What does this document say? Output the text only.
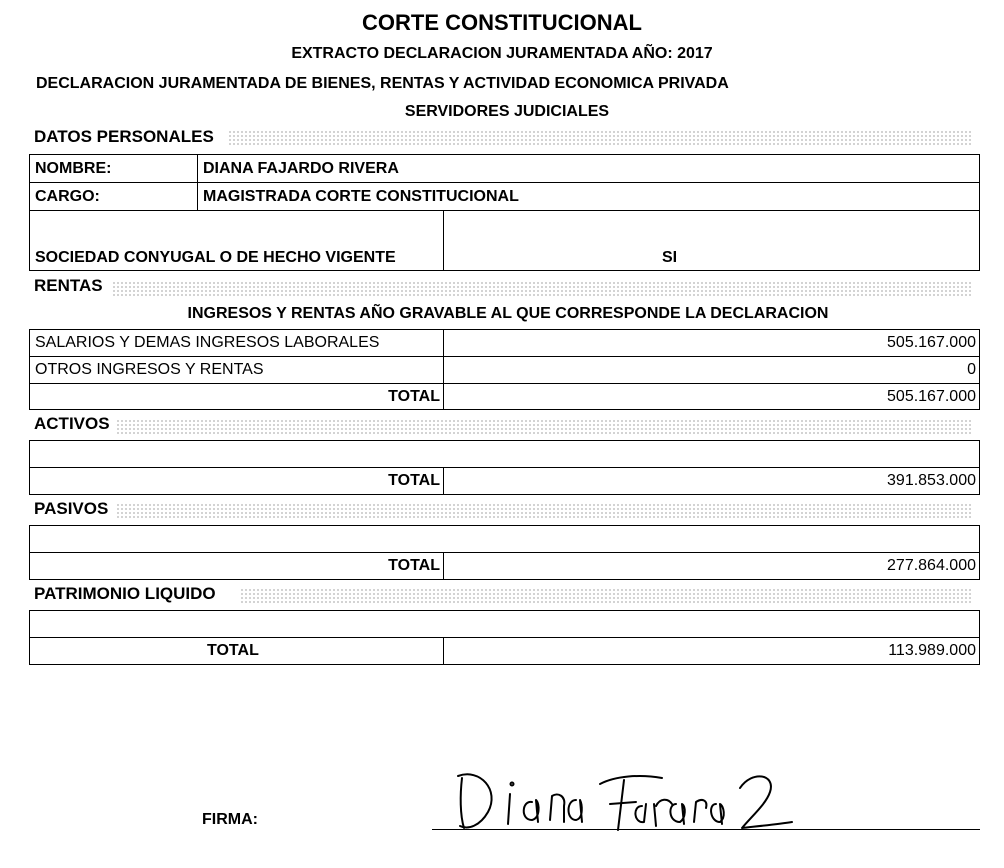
CORTE CONSTITUCIONAL
EXTRACTO DECLARACION JURAMENTADA AÑO: 2017
DECLARACION JURAMENTADA DE BIENES, RENTAS Y ACTIVIDAD ECONOMICA PRIVADA
SERVIDORES JUDICIALES
DATOS PERSONALES
NOMBRE:	DIANA FAJARDO RIVERA
CARGO:	MAGISTRADA CORTE CONSTITUCIONAL
SOCIEDAD CONYUGAL O DE HECHO VIGENTE	SI
RENTAS
INGRESOS Y RENTAS AÑO GRAVABLE AL QUE CORRESPONDE LA DECLARACION
SALARIOS Y DEMAS INGRESOS LABORALES	505.167.000
OTROS INGRESOS Y RENTAS	0
TOTAL	505.167.000
ACTIVOS
TOTAL	391.853.000
PASIVOS
TOTAL	277.864.000
PATRIMONIO LIQUIDO
TOTAL	113.989.000
FIRMA:
